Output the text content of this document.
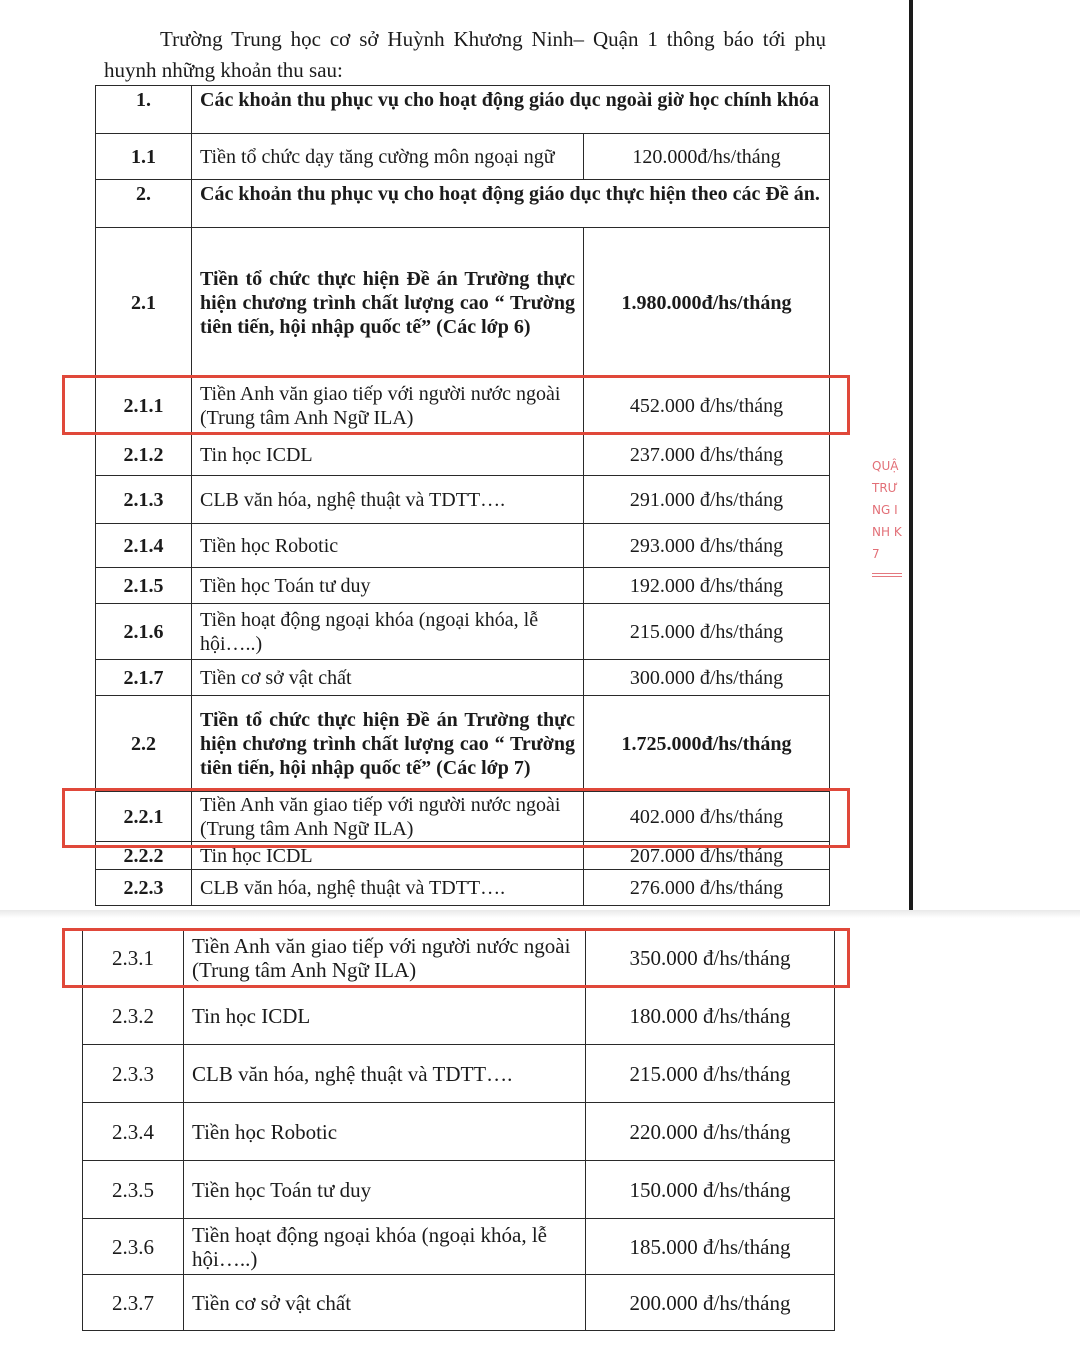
Trường Trung học cơ sở Huỳnh Khương Ninh– Quận 1 thông báo tới phụ
huynh những khoản thu sau:
1.	Các khoản thu phục vụ cho hoạt động giáo dục ngoài giờ học chính khóa	
1.1	Tiền tổ chức dạy tăng cường môn ngoại ngữ	120.000đ/hs/tháng
2.	Các khoản thu phục vụ cho hoạt động giáo dục thực hiện theo các Đề án.	
2.1	Tiền tổ chức thực hiện Đề án Trường thực hiện chương trình chất lượng cao “ Trường tiên tiến, hội nhập quốc tế” (Các lớp 6)	1.980.000đ/hs/tháng
2.1.1	Tiền Anh văn giao tiếp với người nước ngoài (Trung tâm Anh Ngữ ILA)	452.000 đ/hs/tháng
2.1.2	Tin học ICDL	237.000 đ/hs/tháng
2.1.3	CLB văn hóa, nghệ thuật và TDTT….	291.000 đ/hs/tháng
2.1.4	Tiền học Robotic	293.000 đ/hs/tháng
2.1.5	Tiền học Toán tư duy	192.000 đ/hs/tháng
2.1.6	Tiền hoạt động ngoại khóa (ngoại khóa, lễ hội…..)	215.000 đ/hs/tháng
2.1.7	Tiền cơ sở vật chất	300.000 đ/hs/tháng
2.2	Tiền tổ chức thực hiện Đề án Trường thực hiện chương trình chất lượng cao “ Trường tiên tiến, hội nhập quốc tế” (Các lớp 7)	1.725.000đ/hs/tháng
2.2.1	Tiền Anh văn giao tiếp với người nước ngoài (Trung tâm Anh Ngữ ILA)	402.000 đ/hs/tháng
2.2.2	Tin học ICDL	207.000 đ/hs/tháng
2.2.3	CLB văn hóa, nghệ thuật và TDTT….	276.000 đ/hs/tháng
2.3.1	Tiền Anh văn giao tiếp với người nước ngoài (Trung tâm Anh Ngữ ILA)	350.000 đ/hs/tháng
2.3.2	Tin học ICDL	180.000 đ/hs/tháng
2.3.3	CLB văn hóa, nghệ thuật và TDTT….	215.000 đ/hs/tháng
2.3.4	Tiền học Robotic	220.000 đ/hs/tháng
2.3.5	Tiền học Toán tư duy	150.000 đ/hs/tháng
2.3.6	Tiền hoạt động ngoại khóa (ngoại khóa, lễ hội…..)	185.000 đ/hs/tháng
2.3.7	Tiền cơ sở vật chất	200.000 đ/hs/tháng
QUẬ
TRƯ
NG I
NH K
7
